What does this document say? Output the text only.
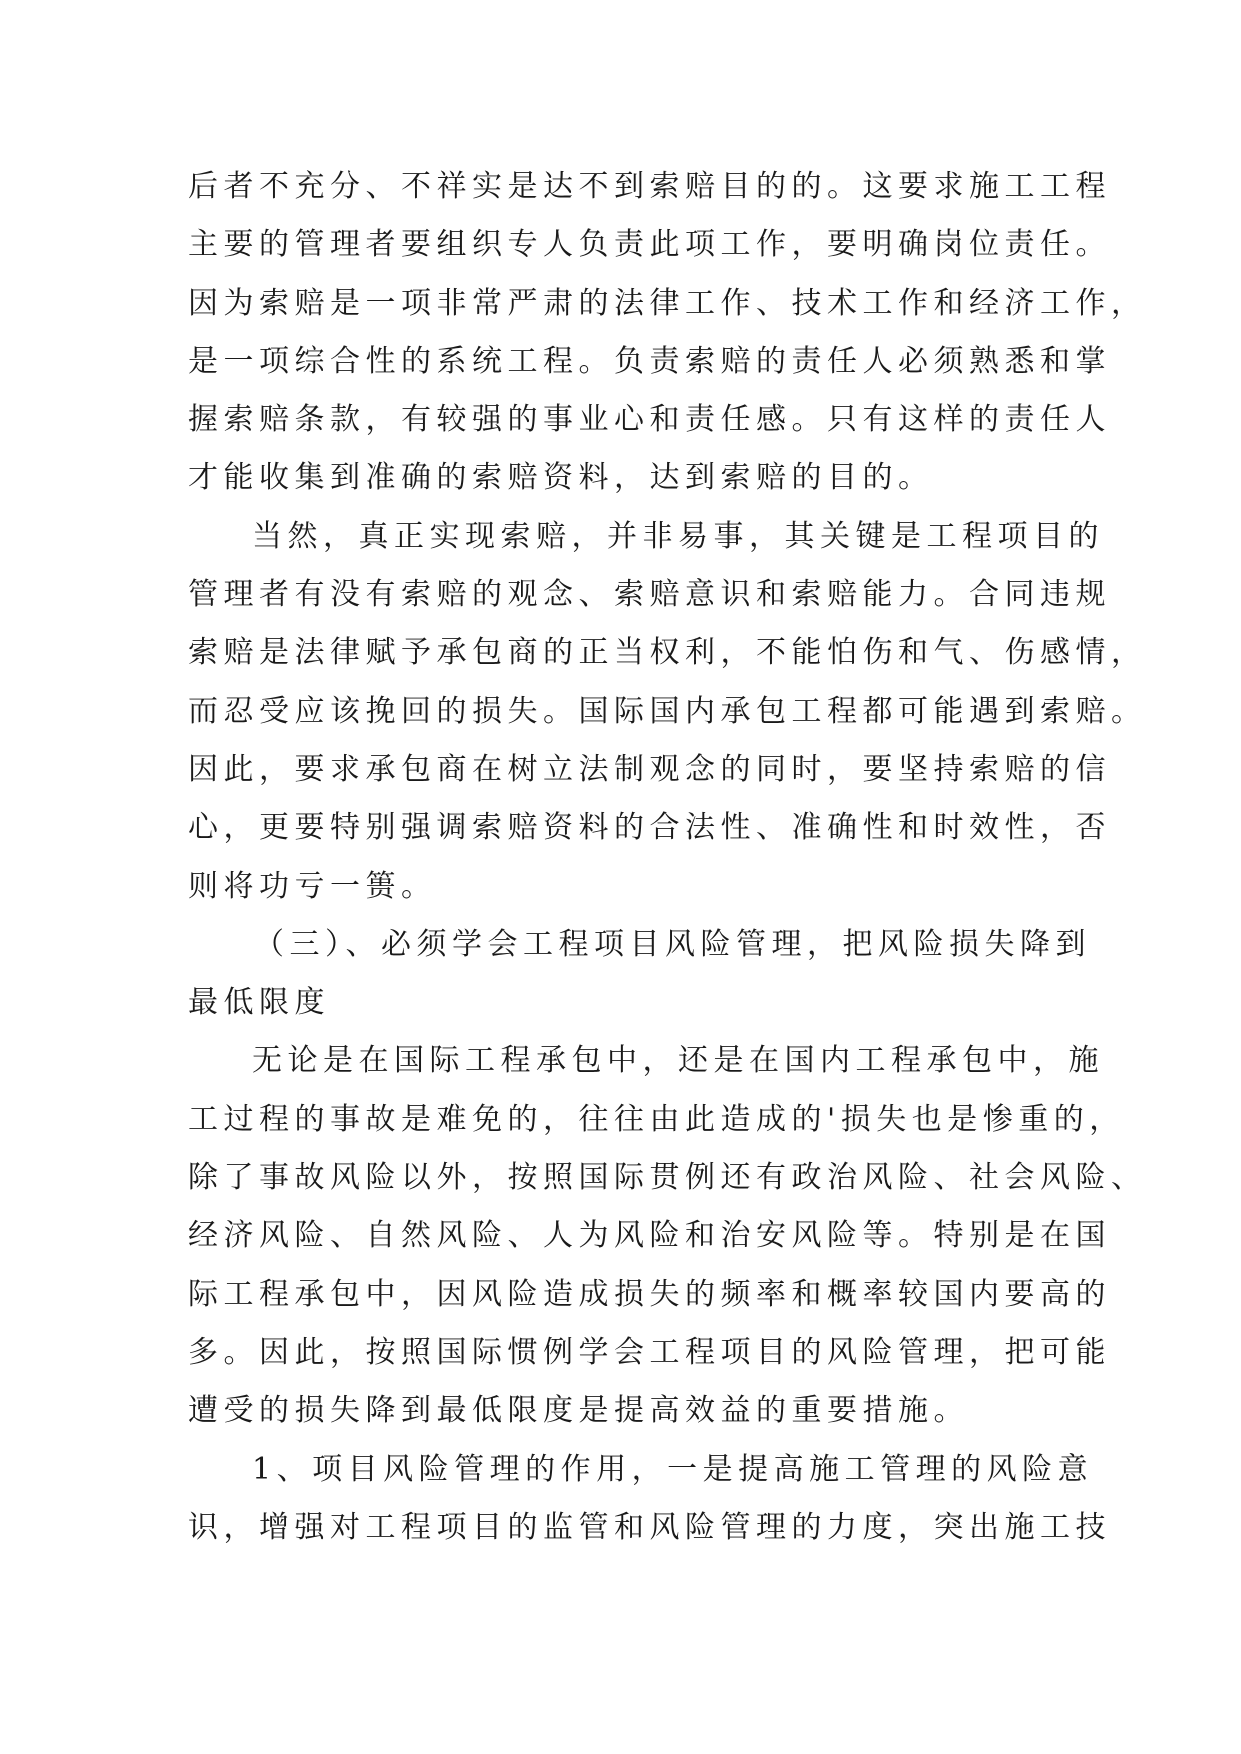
后者不充分、不祥实是达不到索赔目的的。这要求施工工程
主要的管理者要组织专人负责此项工作，要明确岗位责任。
因为索赔是一项非常严肃的法律工作、技术工作和经济工作，
是一项综合性的系统工程。负责索赔的责任人必须熟悉和掌
握索赔条款，有较强的事业心和责任感。只有这样的责任人
才能收集到准确的索赔资料，达到索赔的目的。
当然，真正实现索赔，并非易事，其关键是工程项目的
管理者有没有索赔的观念、索赔意识和索赔能力。合同违规
索赔是法律赋予承包商的正当权利，不能怕伤和气、伤感情，
而忍受应该挽回的损失。国际国内承包工程都可能遇到索赔。
因此，要求承包商在树立法制观念的同时，要坚持索赔的信
心，更要特别强调索赔资料的合法性、准确性和时效性，否
则将功亏一篑。
（三）、必须学会工程项目风险管理，把风险损失降到
最低限度
无论是在国际工程承包中，还是在国内工程承包中，施
工过程的事故是难免的，往往由此造成的'损失也是惨重的，
除了事故风险以外，按照国际贯例还有政治风险、社会风险、
经济风险、自然风险、人为风险和治安风险等。特别是在国
际工程承包中，因风险造成损失的频率和概率较国内要高的
多。因此，按照国际惯例学会工程项目的风险管理，把可能
遭受的损失降到最低限度是提高效益的重要措施。
1、项目风险管理的作用，一是提高施工管理的风险意
识，增强对工程项目的监管和风险管理的力度，突出施工技
